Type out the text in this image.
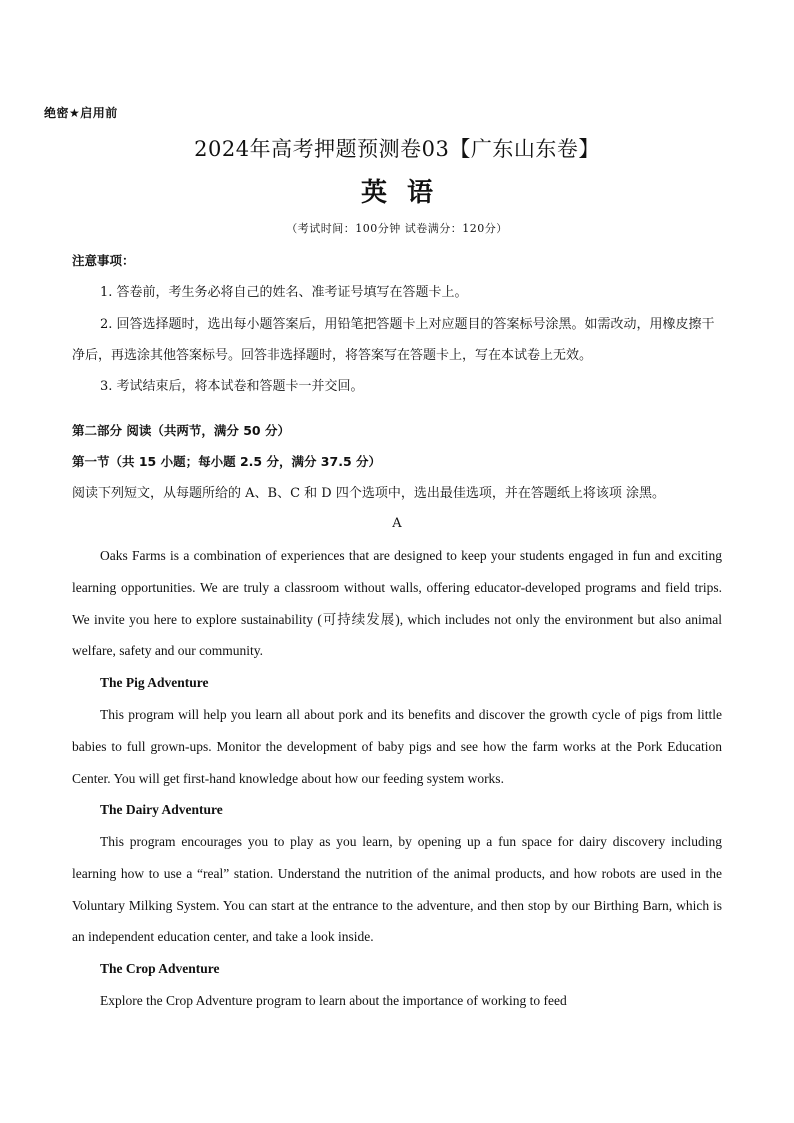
绝密★启用前
2024年高考押题预测卷03【广东山东卷】
英语
（考试时间：100分钟 试卷满分：120分）
注意事项：

1. 答卷前，考生务必将自己的姓名、准考证号填写在答题卡上。

2. 回答选择题时，选出每小题答案后，用铅笔把答题卡上对应题目的答案标号涂黑。如需改动，用橡皮擦干净后，再选涂其他答案标号。回答非选择题时，将答案写在答题卡上，写在本试卷上无效。

3. 考试结束后，将本试卷和答题卡一并交回。

第二部分 阅读（共两节，满分 50 分）
第一节（共 15 小题；每小题 2.5 分，满分 37.5 分）
阅读下列短文，从每题所给的 A、B、C 和 D 四个选项中，选出最佳选项，并在答题纸上将该项 涂黑。
A

Oaks Farms is a combination of experiences that are designed to keep your students engaged in fun and exciting learning opportunities. We are truly a classroom without walls, offering educator-developed programs and field trips. We invite you here to explore sustainability (可持续发展), which includes not only the environment but also animal welfare, safety and our community.

The Pig Adventure

This program will help you learn all about pork and its benefits and discover the growth cycle of pigs from little babies to full grown-ups. Monitor the development of baby pigs and see how the farm works at the Pork Education Center. You will get first-hand knowledge about how our feeding system works.

The Dairy Adventure

This program encourages you to play as you learn, by opening up a fun space for dairy discovery including learning how to use a “real” station. Understand the nutrition of the animal products, and how robots are used in the Voluntary Milking System. You can start at the entrance to the adventure, and then stop by our Birthing Barn, which is an independent education center, and take a look inside.

The Crop Adventure

Explore the Crop Adventure program to learn about the importance of working to feed
